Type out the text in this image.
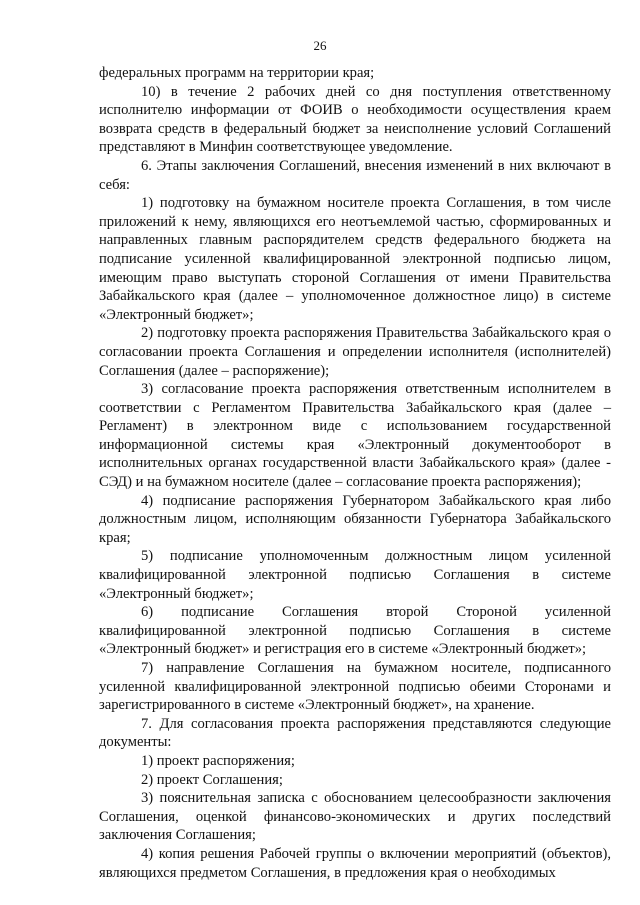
26

федеральных программ на территории края;

10) в течение 2 рабочих дней со дня поступления ответственному исполнителю информации от ФОИВ о необходимости осуществления краем возврата средств в федеральный бюджет за неисполнение условий Соглашений представляют в Минфин соответствующее уведомление.

6. Этапы заключения Соглашений, внесения изменений в них включают в себя:

1) подготовку на бумажном носителе проекта Соглашения, в том числе приложений к нему, являющихся его неотъемлемой частью, сформированных и направленных главным распорядителем средств федерального бюджета на подписание усиленной квалифицированной электронной подписью лицом, имеющим право выступать стороной Соглашения от имени Правительства Забайкальского края (далее – уполномоченное должностное лицо) в системе «Электронный бюджет»;

2) подготовку проекта распоряжения Правительства Забайкальского края о согласовании проекта Соглашения и определении исполнителя (исполнителей) Соглашения (далее – распоряжение);

3) согласование проекта распоряжения ответственным исполнителем в соответствии с Регламентом Правительства Забайкальского края (далее – Регламент) в электронном виде с использованием государственной информационной системы края «Электронный документооборот в исполнительных органах государственной власти Забайкальского края» (далее - СЭД) и на бумажном носителе (далее – согласование проекта распоряжения);

4) подписание распоряжения Губернатором Забайкальского края либо должностным лицом, исполняющим обязанности Губернатора Забайкальского края;

5) подписание уполномоченным должностным лицом усиленной квалифицированной электронной подписью Соглашения в системе «Электронный бюджет»;

6) подписание Соглашения второй Стороной усиленной квалифицированной электронной подписью Соглашения в системе «Электронный бюджет» и регистрация его в системе «Электронный бюджет»;

7) направление Соглашения на бумажном носителе, подписанного усиленной квалифицированной электронной подписью обеими Сторонами и зарегистрированного в системе «Электронный бюджет», на хранение.

7. Для согласования проекта распоряжения представляются следующие документы:

1) проект распоряжения;

2) проект Соглашения;

3) пояснительная записка с обоснованием целесообразности заключения Соглашения, оценкой финансово-экономических и других последствий заключения Соглашения;

4) копия решения Рабочей группы о включении мероприятий (объектов), являющихся предметом Соглашения, в предложения края о необходимых
